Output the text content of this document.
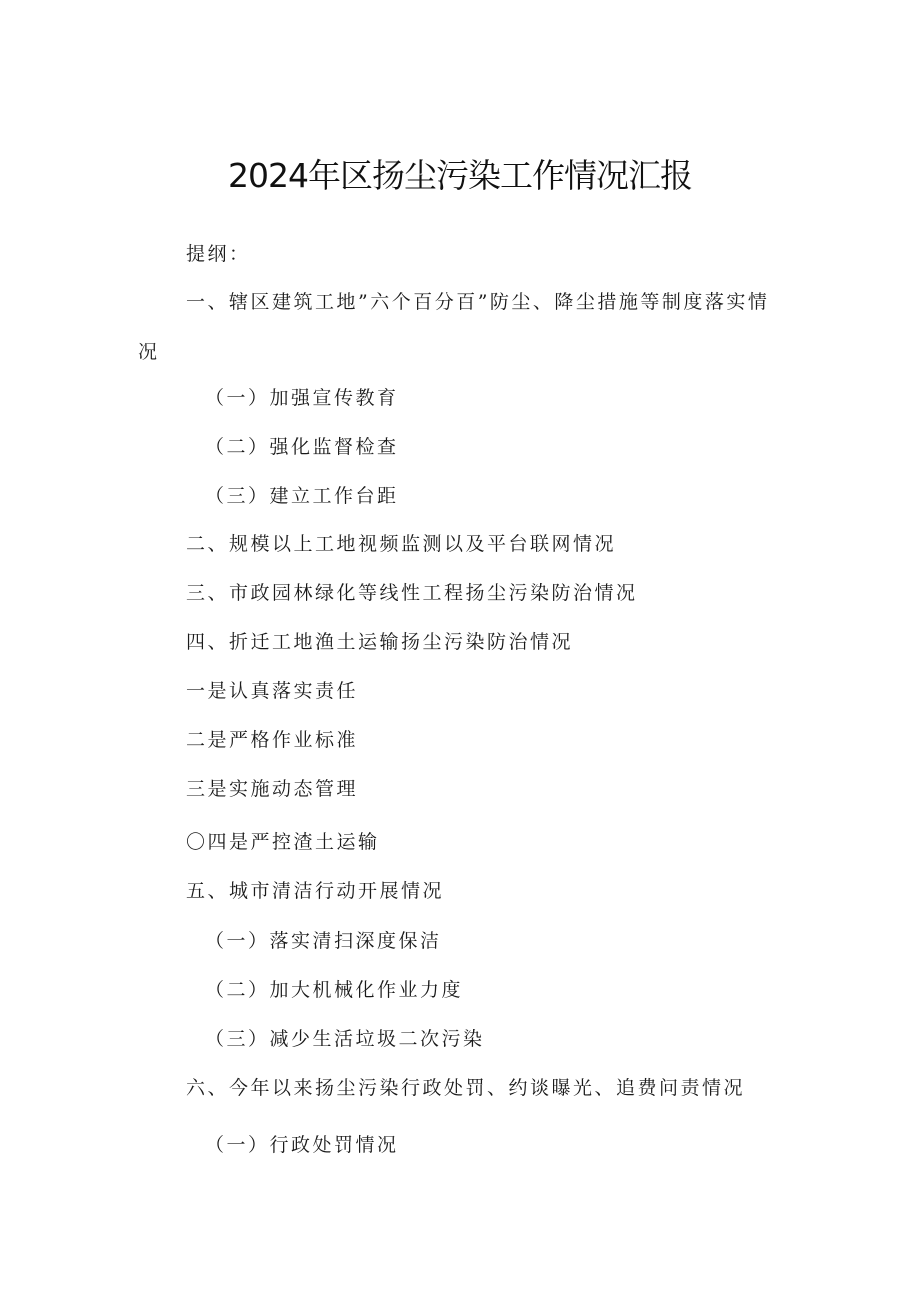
2024年区扬尘污染工作情况汇报
提纲：
一、辖区建筑工地”六个百分百”防尘、降尘措施等制度落实情况
（一）加强宣传教育
（二）强化监督检查
（三）建立工作台距
二、规模以上工地视频监测以及平台联网情况
三、市政园林绿化等线性工程扬尘污染防治情况
四、折迁工地渔土运输扬尘污染防治情况
一是认真落实责任
二是严格作业标准
三是实施动态管理
〇四是严控渣土运输
五、城市清洁行动开展情况
（一）落实清扫深度保洁
（二）加大机械化作业力度
（三）减少生活垃圾二次污染
六、今年以来扬尘污染行政处罚、约谈曝光、追费问责情况
（一）行政处罚情况
